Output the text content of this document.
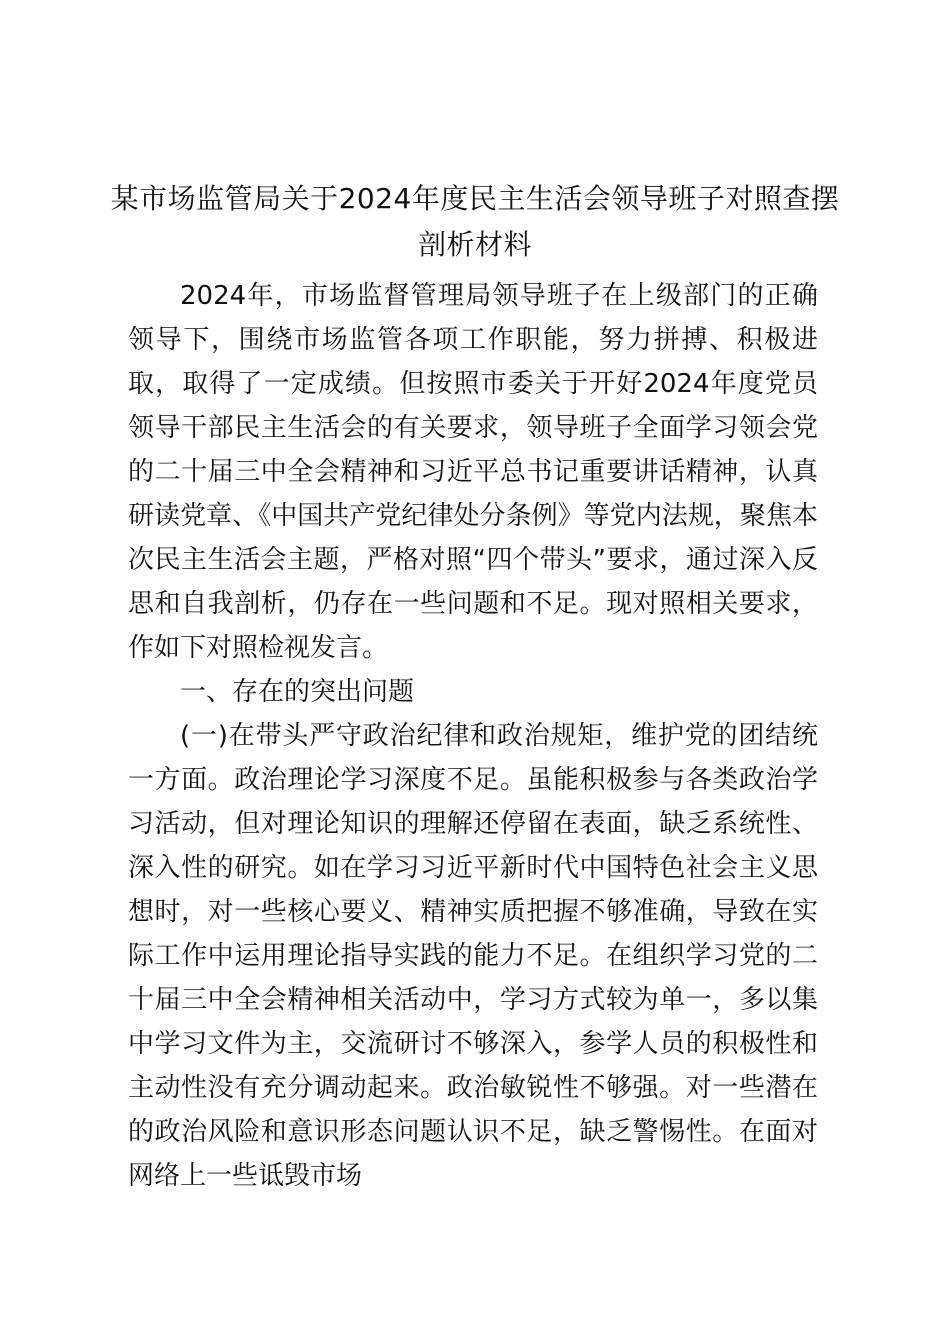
某市场监管局关于2024年度民主生活会领导班子对照查摆剖析材料

2024年，市场监督管理局领导班子在上级部门的正确领导下，围绕市场监管各项工作职能，努力拼搏、积极进取，取得了一定成绩。但按照市委关于开好2024年度党员领导干部民主生活会的有关要求，领导班子全面学习领会党的二十届三中全会精神和习近平总书记重要讲话精神，认真研读党章、《中国共产党纪律处分条例》等党内法规，聚焦本次民主生活会主题，严格对照“四个带头”要求，通过深入反思和自我剖析，仍存在一些问题和不足。现对照相关要求，作如下对照检视发言。

一、存在的突出问题

(一)在带头严守政治纪律和政治规矩，维护党的团结统一方面。政治理论学习深度不足。虽能积极参与各类政治学习活动，但对理论知识的理解还停留在表面，缺乏系统性、深入性的研究。如在学习习近平新时代中国特色社会主义思想时，对一些核心要义、精神实质把握不够准确，导致在实际工作中运用理论指导实践的能力不足。在组织学习党的二十届三中全会精神相关活动中，学习方式较为单一，多以集中学习文件为主，交流研讨不够深入，参学人员的积极性和主动性没有充分调动起来。政治敏锐性不够强。对一些潜在的政治风险和意识形态问题认识不足，缺乏警惕性。在面对网络上一些诋毁市场
